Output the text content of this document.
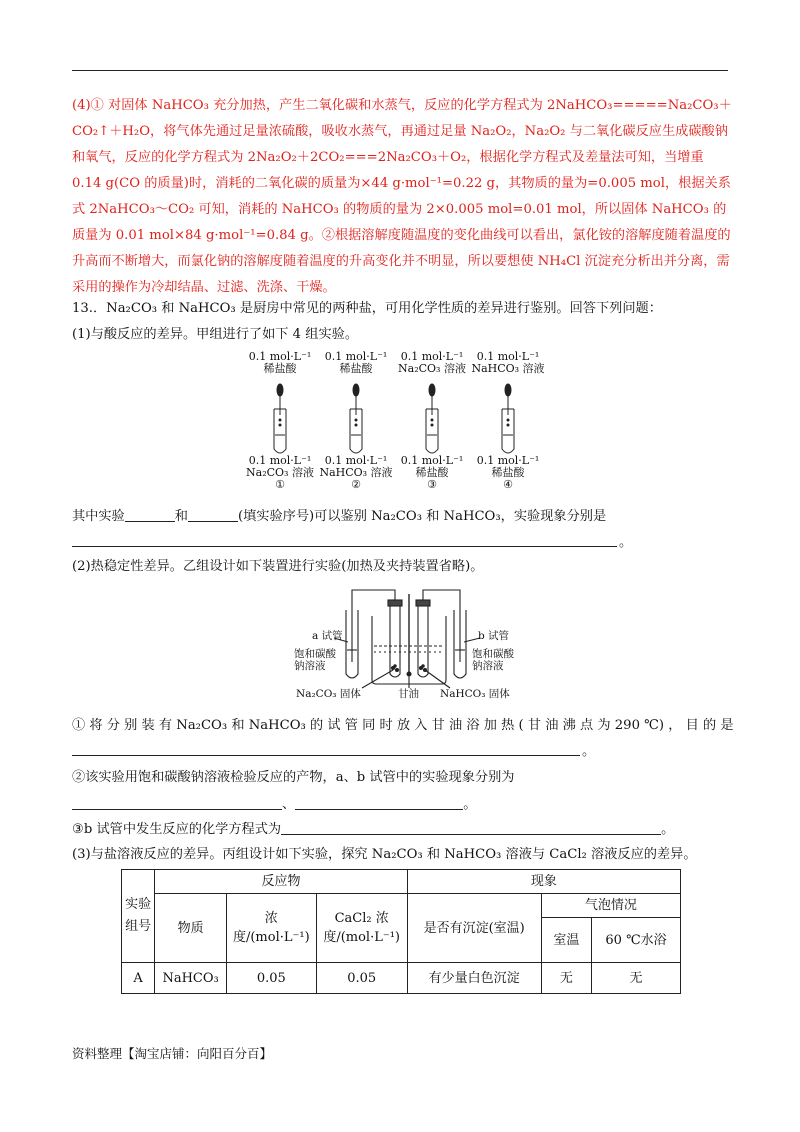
(4)① 对固体 NaHCO₃ 充分加热，产生二氧化碳和水蒸气，反应的化学方程式为 2NaHCO₃=====Na₂CO₃＋CO₂↑＋H₂O，将气体先通过足量浓硫酸，吸收水蒸气，再通过足量 Na₂O₂，Na₂O₂ 与二氧化碳反应生成碳酸钠和氧气，反应的化学方程式为 2Na₂O₂＋2CO₂===2Na₂CO₃＋O₂，根据化学方程式及差量法可知，当增重 0.14 g(CO 的质量)时，消耗的二氧化碳的质量为×44 g·mol⁻¹=0.22 g，其物质的量为=0.005 mol，根据关系式 2NaHCO₃～CO₂ 可知，消耗的 NaHCO₃ 的物质的量为 2×0.005 mol=0.01 mol，所以固体 NaHCO₃ 的质量为 0.01 mol×84 g·mol⁻¹=0.84 g。②根据溶解度随温度的变化曲线可以看出，氯化铵的溶解度随着温度的升高而不断增大，而氯化钠的溶解度随着温度的升高变化并不明显，所以要想使 NH₄Cl 沉淀充分析出并分离，需采用的操作为冷却结晶、过滤、洗涤、干燥。

13.．Na₂CO₃ 和 NaHCO₃ 是厨房中常见的两种盐，可用化学性质的差异进行鉴别。回答下列问题：
(1)与酸反应的差异。甲组进行了如下 4 组实验。
0.1 mol·L⁻¹
稀盐酸
0.1 mol·L⁻¹
稀盐酸
0.1 mol·L⁻¹
Na₂CO₃ 溶液
0.1 mol·L⁻¹
NaHCO₃ 溶液
0.1 mol·L⁻¹
Na₂CO₃ 溶液
①
0.1 mol·L⁻¹
NaHCO₃ 溶液
②
0.1 mol·L⁻¹
稀盐酸
③
0.1 mol·L⁻¹
稀盐酸
④
其中实验	和	(填实验序号)可以鉴别 Na₂CO₃ 和 NaHCO₃，实验现象分别是
。
(2)热稳定性差异。乙组设计如下装置进行实验(加热及夹持装置省略)。
a 试管	b 试管
饱和碳酸
钠溶液
饱和碳酸
钠溶液
Na₂CO₃ 固体	甘油 NaHCO₃ 固体
① 将 分 别 装 有 Na₂CO₃ 和 NaHCO₃ 的 试 管 同 时 放 入 甘 油 浴 加 热 ( 甘 油 沸 点 为 290 ℃) ， 目 的 是
。
②该实验用饱和碳酸钠溶液检验反应的产物，a、b 试管中的实验现象分别为
、	。
③b 试管中发生反应的化学方程式为	。
(3)与盐溶液反应的差异。丙组设计如下实验，探究 Na₂CO₃ 和 NaHCO₃ 溶液与 CaCl₂ 溶液反应的差异。
实验组号	反应物			现象		
	物质	浓度/(mol·L⁻¹)	CaCl₂ 浓度/(mol·L⁻¹)	是否有沉淀(室温)	气泡情况	
					室温	60 ℃水浴
A	NaHCO₃	0.05	0.05	有少量白色沉淀	无	无
资料整理【淘宝店铺：向阳百分百】
